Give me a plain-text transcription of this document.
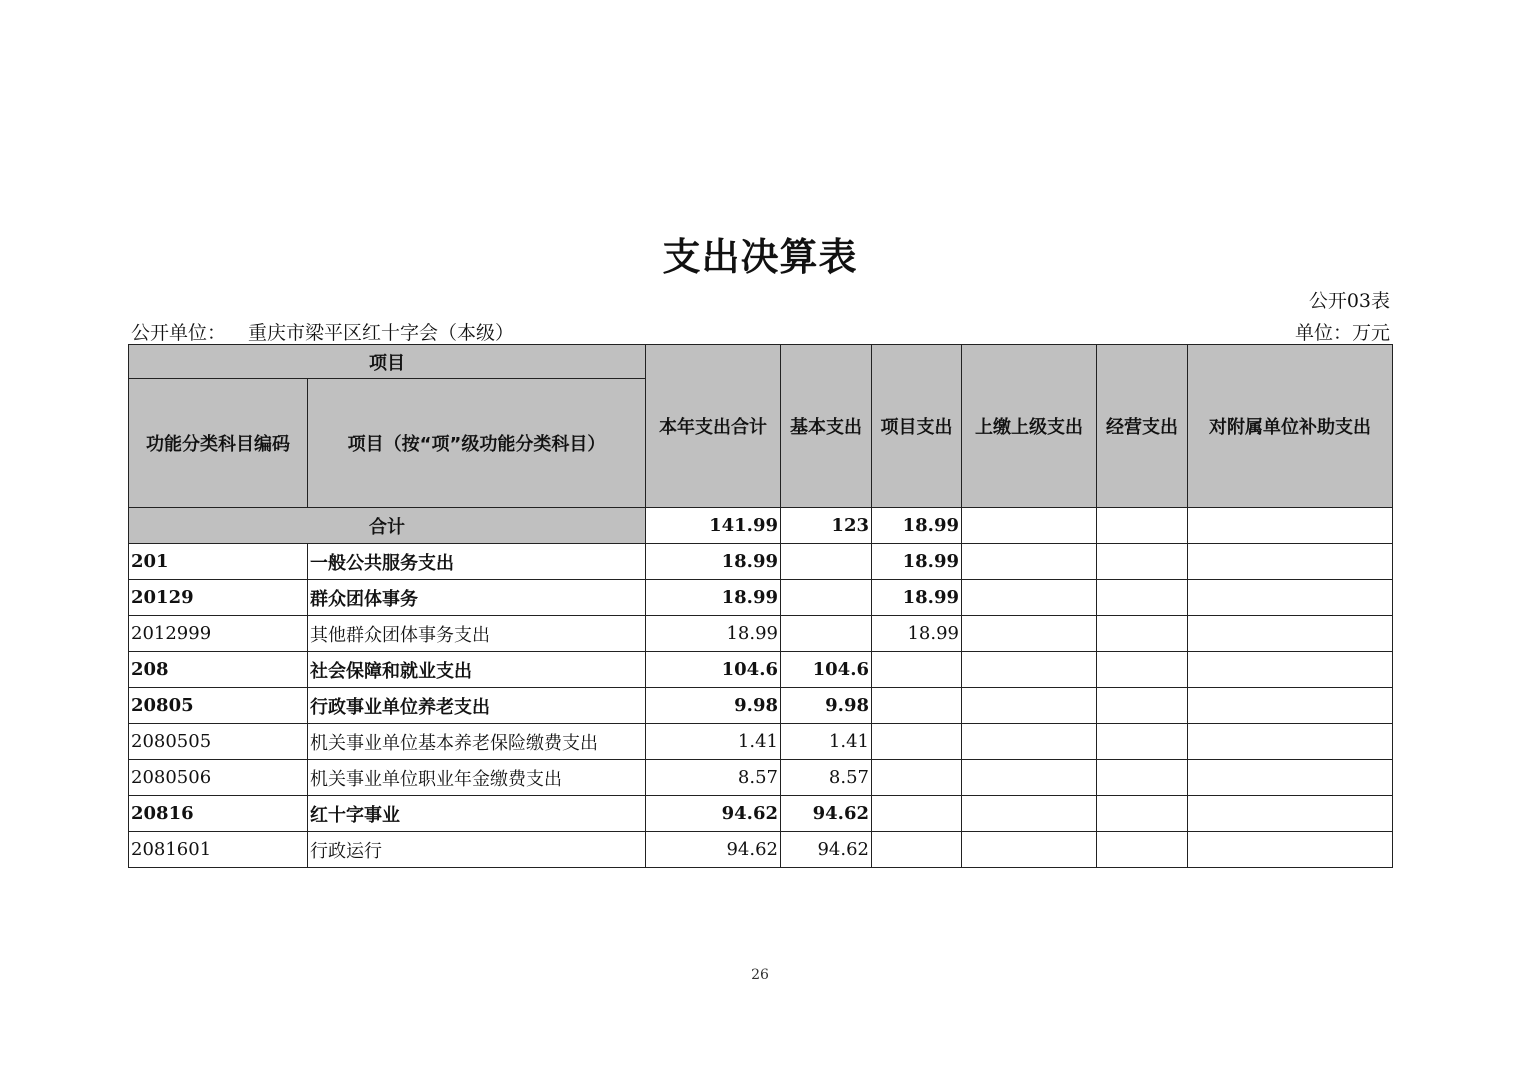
支出决算表
公开03表
公开单位： 重庆市梁平区红十字会（本级）	单位：万元
项目		本年支出合计	基本支出	项目支出	上缴上级支出	经营支出	对附属单位补助支出
功能分类科目编码	项目（按“项”级功能分类科目）						
合计		141.99	123	18.99			
201	一般公共服务支出	18.99		18.99			
20129	群众团体事务	18.99		18.99			
2012999	其他群众团体事务支出	18.99		18.99			
208	社会保障和就业支出	104.6	104.6				
20805	行政事业单位养老支出	9.98	9.98				
2080505	机关事业单位基本养老保险缴费支出	1.41	1.41				
2080506	机关事业单位职业年金缴费支出	8.57	8.57				
20816	红十字事业	94.62	94.62				
2081601	行政运行	94.62	94.62				
26
